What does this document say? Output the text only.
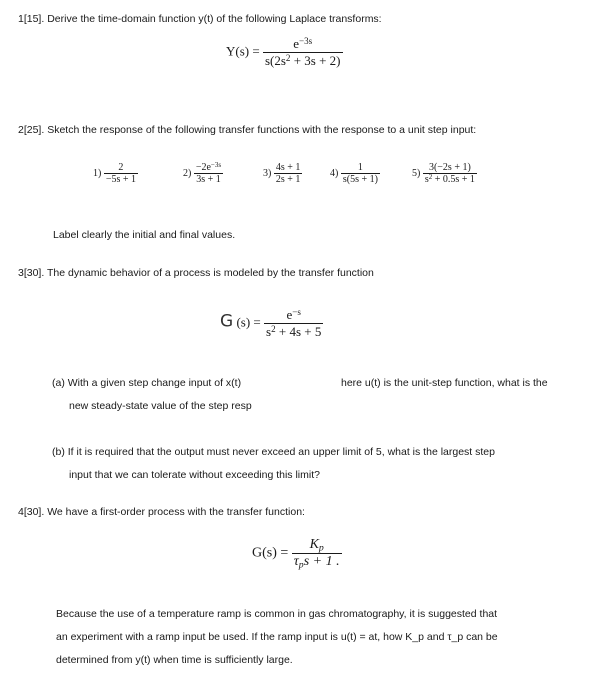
1[15]. Derive the time-domain function y(t) of the following Laplace transforms:
$Y(s) = \frac{e^{-3s}}{s(2s^2 + 3s + 2)}$
2[25]. Sketch the response of the following transfer functions with the response to a unit step input:
$1) \frac{2}{-5s + 1}$	$2) \frac{-2e^{-3s}}{3s + 1}$	$3) \frac{4s + 1}{2s + 1}$	$4) \frac{1}{s(5s + 1)}$	$5) \frac{3(-2s + 1)}{s^2 + 0.5s + 1}$
Label clearly the initial and final values.
3[30]. The dynamic behavior of a process is modeled by the transfer function
G $(s) = \frac{e^{-s}}{s^2 + 4s + 5}$
(a) With a given step change input of x(t)	here u(t) is the unit-step function, what is the
new steady-state value of the step resp
(b) If it is required that the output must never exceed an upper limit of 5, what is the largest step
input that we can tolerate without exceeding this limit?
4[30]. We have a first-order process with the transfer function:
$G(s) = \frac{K_p}{\tau_ps + 1 .}$
Because the use of a temperature ramp is common in gas chromatography, it is suggested that
an experiment with a ramp input be used. If the ramp input is u(t) = at, how K_p and τ_p can be
determined from y(t) when time is sufficiently large.
